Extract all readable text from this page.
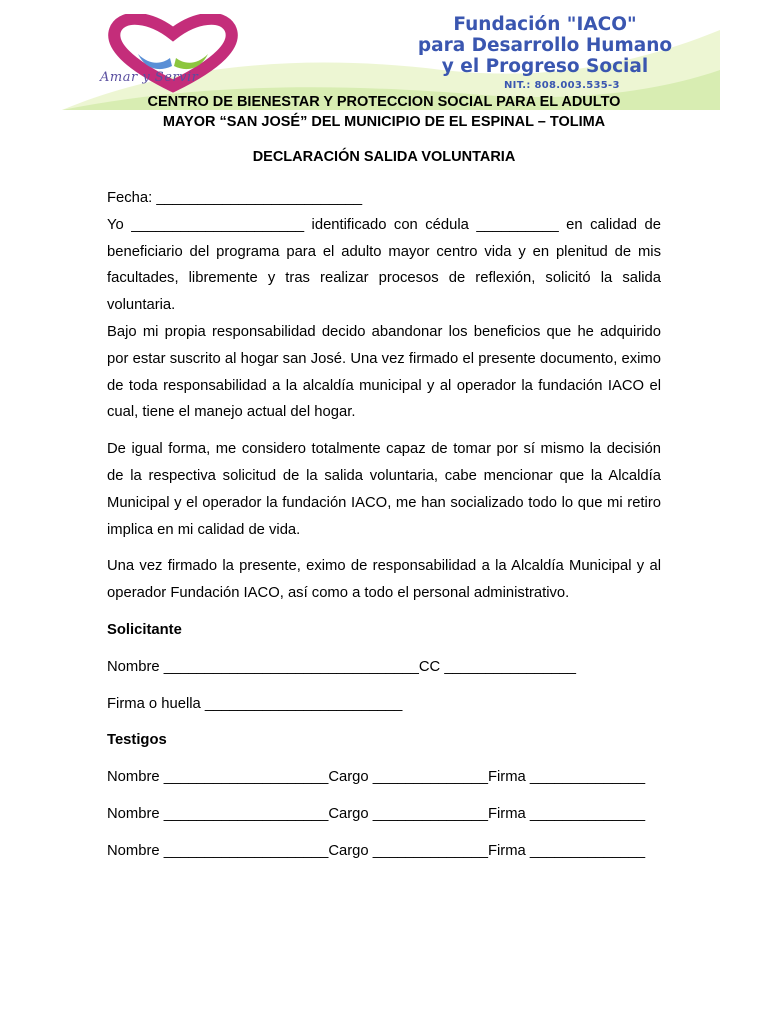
Amar y Servir
Fundación "IACO"
para Desarrollo Humano
y el Progreso Social
NIT.: 808.003.535-3
CENTRO DE BIENESTAR Y PROTECCION SOCIAL PARA EL ADULTO
MAYOR “SAN JOSÉ” DEL MUNICIPIO DE EL ESPINAL – TOLIMA
DECLARACIÓN SALIDA VOLUNTARIA

Fecha: _________________________

Yo _____________________ identificado con cédula __________ en calidad de beneficiario del programa para el adulto mayor centro vida y en plenitud de mis facultades, libremente y tras realizar procesos de reflexión, solicitó la salida voluntaria.

Bajo mi propia responsabilidad decido abandonar los beneficios que he adquirido por estar suscrito al hogar san José. Una vez firmado el presente documento, eximo de toda responsabilidad a la alcaldía municipal y al operador la fundación IACO el cual, tiene el manejo actual del hogar.

De igual forma, me considero totalmente capaz de tomar por sí mismo la decisión de la respectiva solicitud de la salida voluntaria, cabe mencionar que la Alcaldía Municipal y el operador la fundación IACO, me han socializado todo lo que mi retiro implica en mi calidad de vida.

Una vez firmado la presente, eximo de responsabilidad a la Alcaldía Municipal y al operador Fundación IACO, así como a todo el personal administrativo.

Solicitante

Nombre _______________________________CC ________________

Firma o huella ________________________

Testigos

Nombre ____________________Cargo ______________Firma ______________

Nombre ____________________Cargo ______________Firma ______________

Nombre ____________________Cargo ______________Firma ______________
